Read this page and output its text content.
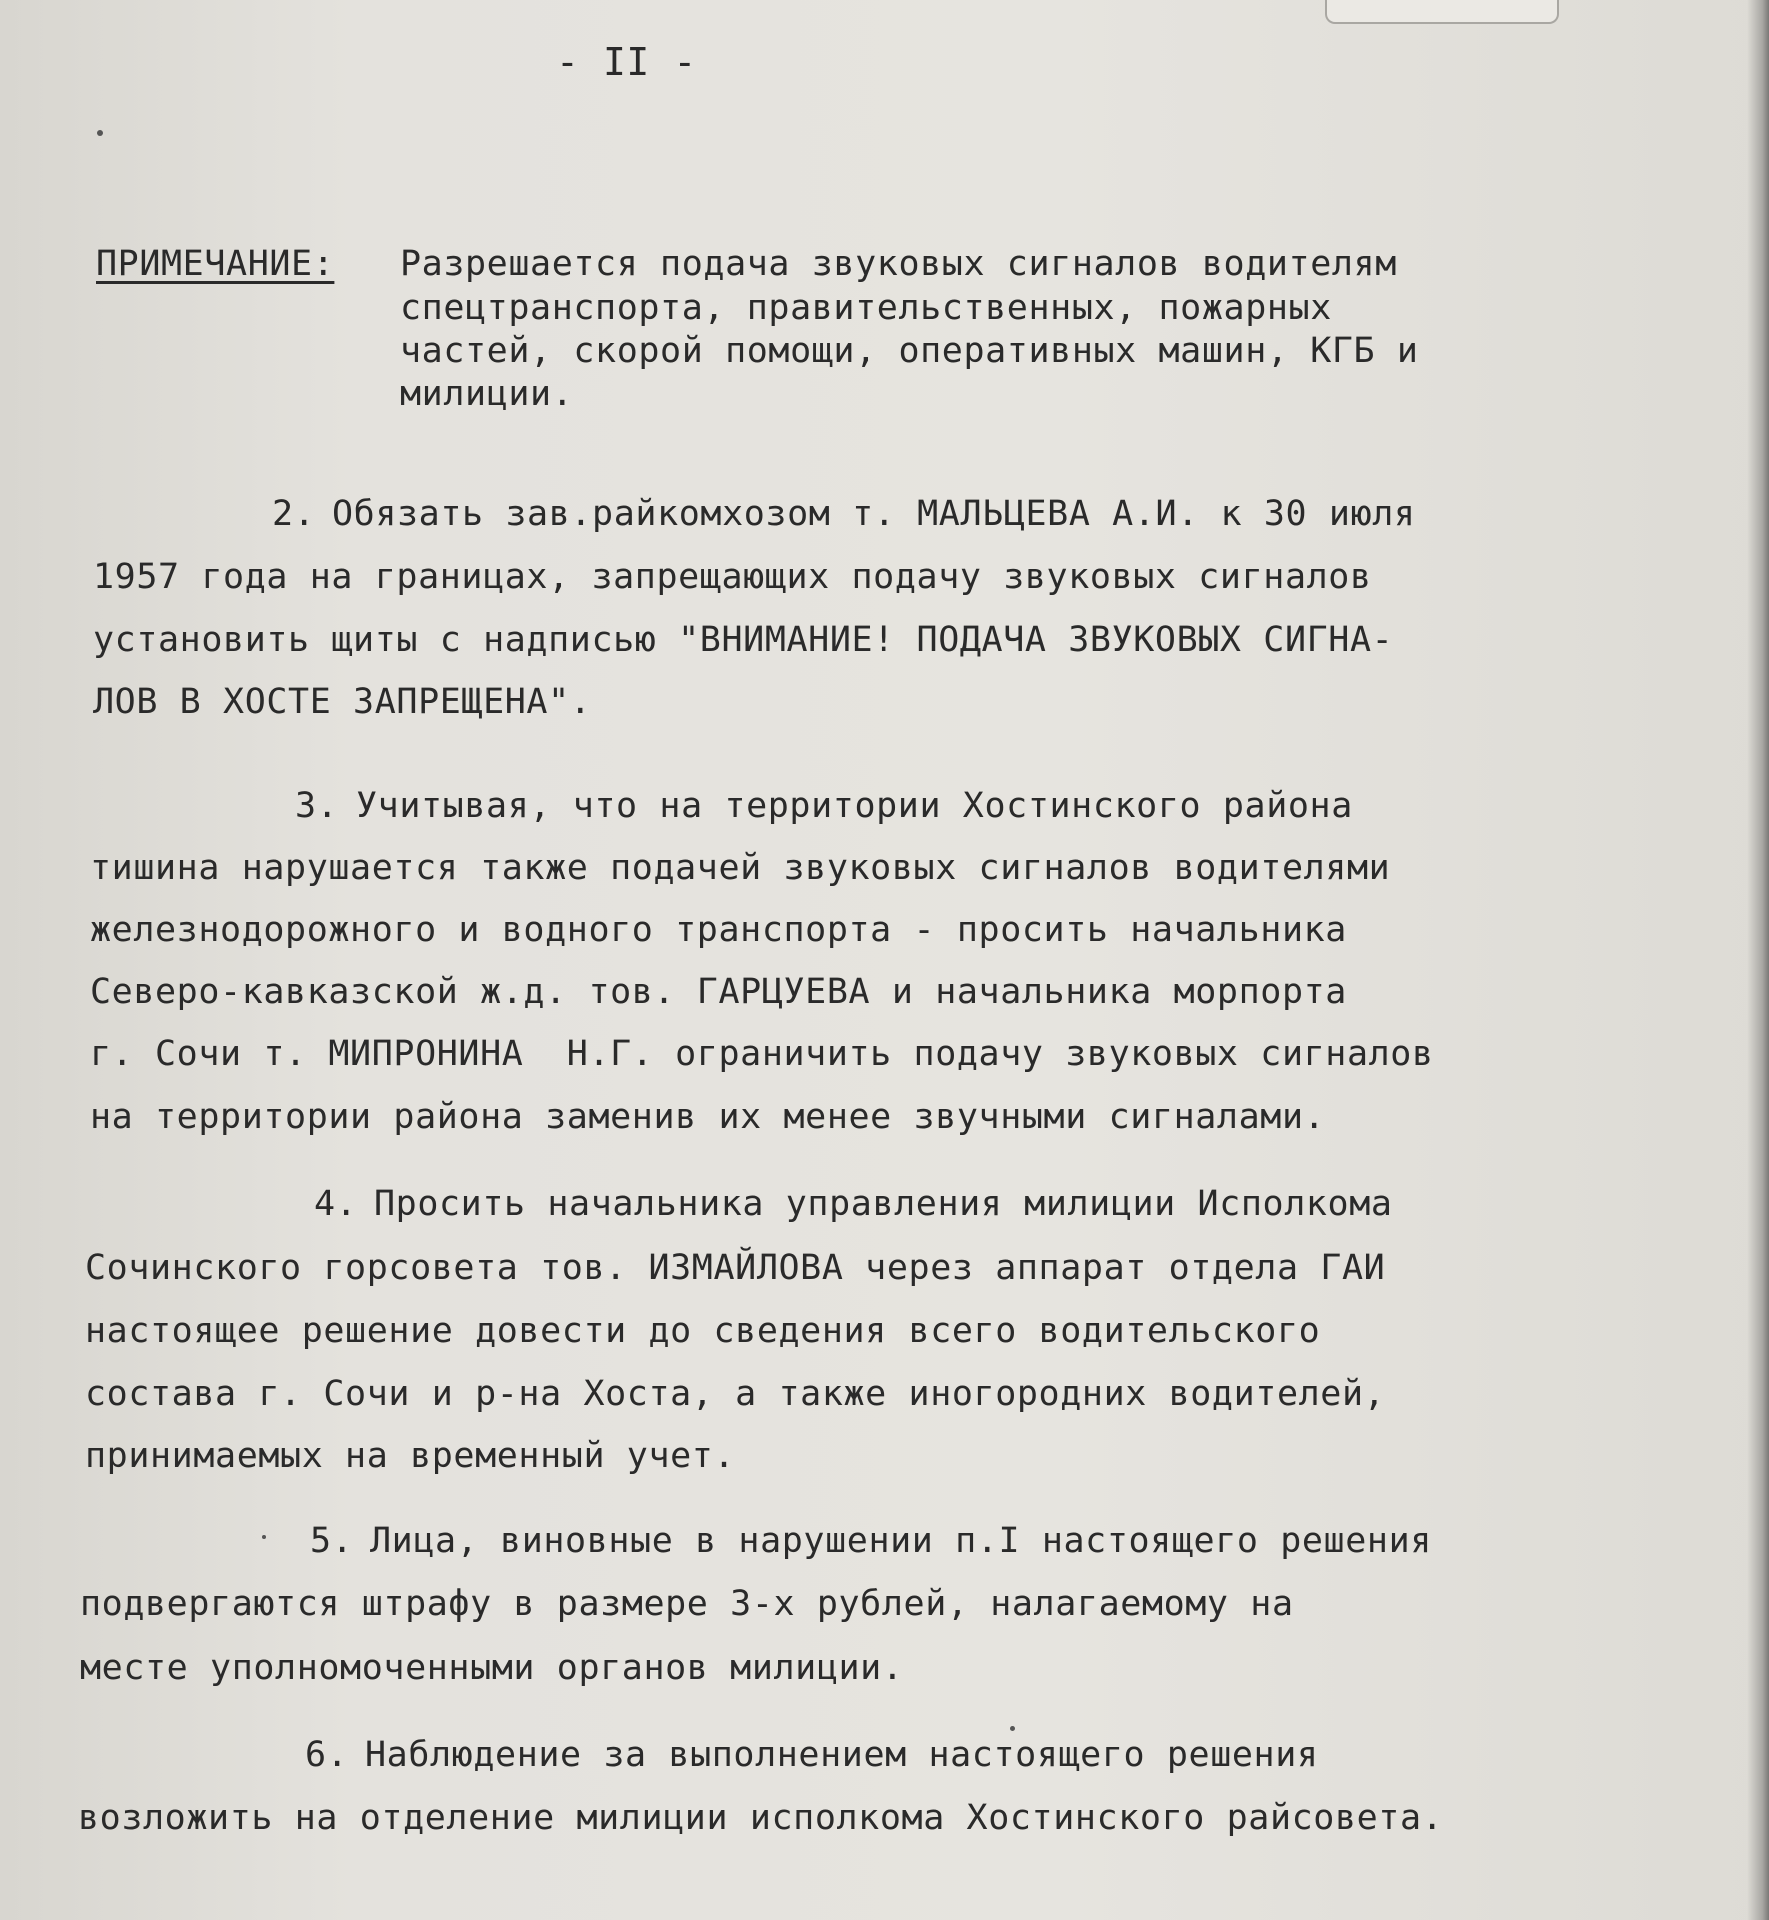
- II -
ПРИМЕЧАНИЕ: Разрешается подача звуковых сигналов водителям
спецтранспорта, правительственных, пожарных
частей, скорой помощи, оперативных машин, КГБ и
милиции.
2. Обязать зав.райкомхозом т. МАЛЬЦЕВА А.И. к 30 июля
1957 года на границах, запрещающих подачу звуковых сигналов
установить щиты с надписью "ВНИМАНИЕ! ПОДАЧА ЗВУКОВЫХ СИГНА-
ЛОВ В ХОСТЕ ЗАПРЕЩЕНА".
3. Учитывая, что на территории Хостинского района
тишина нарушается также подачей звуковых сигналов водителями
железнодорожного и водного транспорта - просить начальника
Северо-кавказской ж.д. тов. ГАРЦУЕВА и начальника морпорта
г. Сочи т. МИПРОНИНА  Н.Г. ограничить подачу звуковых сигналов
на территории района заменив их менее звучными сигналами.
4. Просить начальника управления милиции Исполкома
Сочинского горсовета тов. ИЗМАЙЛОВА через аппарат отдела ГАИ
настоящее решение довести до сведения всего водительского
состава г. Сочи и р-на Хоста, а также иногородних водителей,
принимаемых на временный учет.
5. Лица, виновные в нарушении п.I настоящего решения
подвергаются штрафу в размере 3-х рублей, налагаемому на
месте уполномоченными органов милиции.
6. Наблюдение за выполнением настоящего решения
возложить на отделение милиции исполкома Хостинского райсовета.
